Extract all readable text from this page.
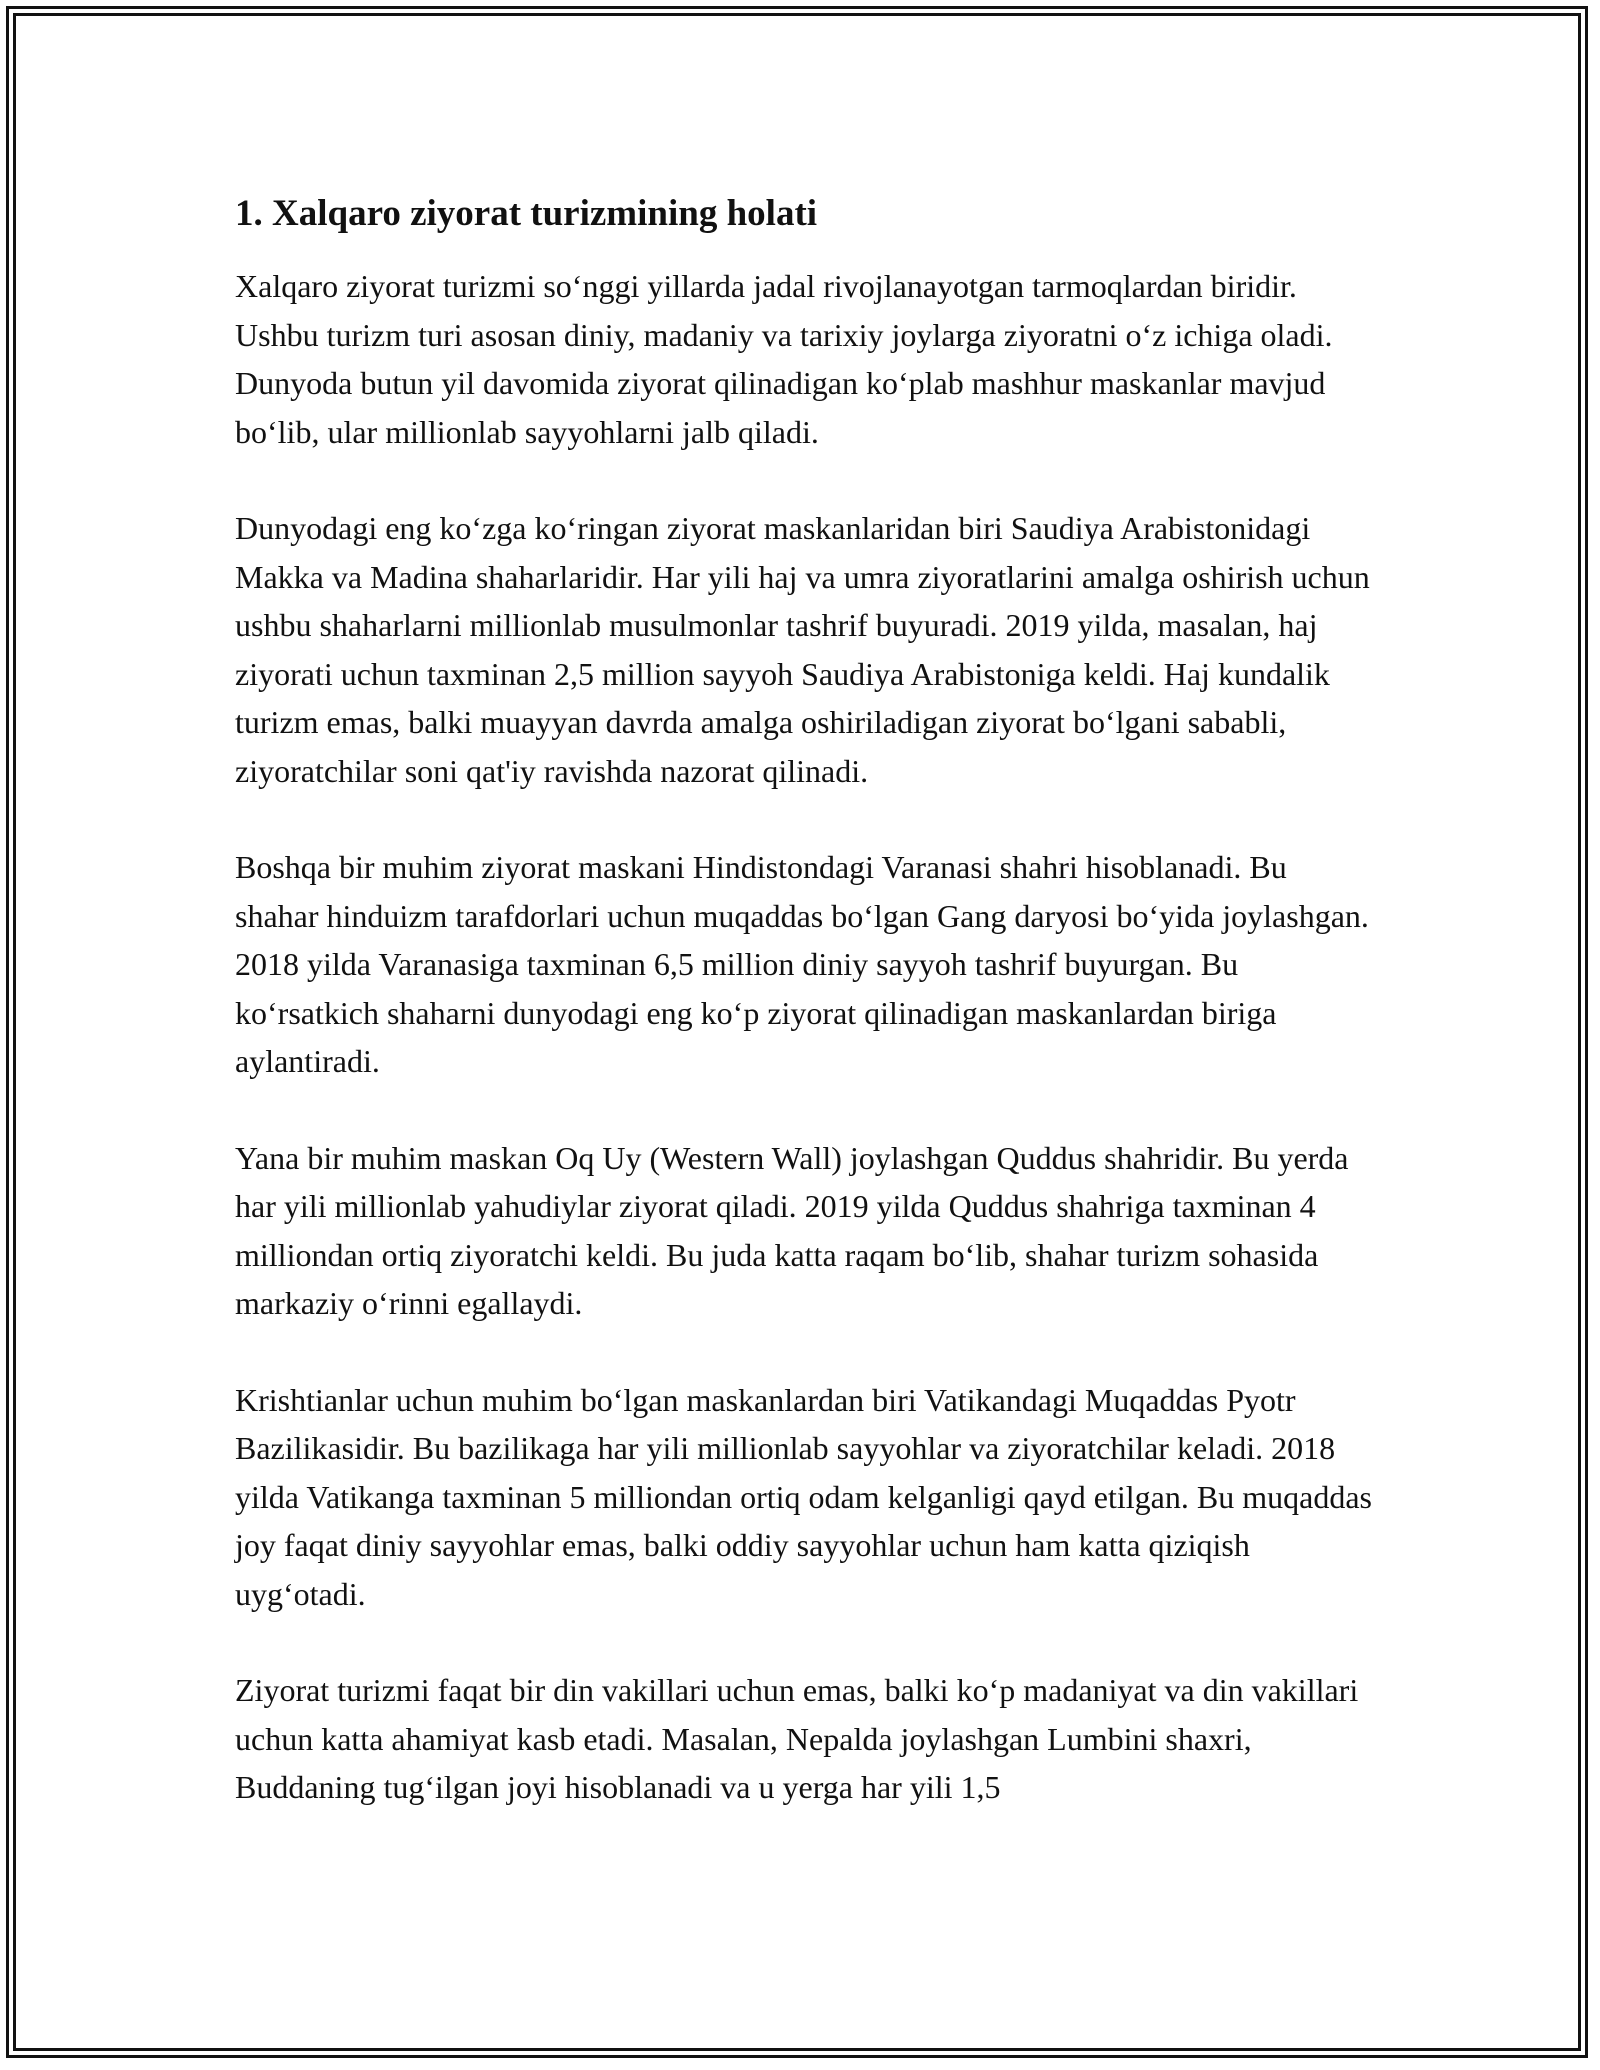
1. Xalqaro ziyorat turizmining holati

Xalqaro ziyorat turizmi so‘nggi yillarda jadal rivojlanayotgan tarmoqlardan biridir. Ushbu turizm turi asosan diniy, madaniy va tarixiy joylarga ziyoratni o‘z ichiga oladi. Dunyoda butun yil davomida ziyorat qilinadigan ko‘plab mashhur maskanlar mavjud bo‘lib, ular millionlab sayyohlarni jalb qiladi.

Dunyodagi eng ko‘zga ko‘ringan ziyorat maskanlaridan biri Saudiya Arabistonidagi Makka va Madina shaharlaridir. Har yili haj va umra ziyoratlarini amalga oshirish uchun ushbu shaharlarni millionlab musulmonlar tashrif buyuradi. 2019 yilda, masalan, haj ziyorati uchun taxminan 2,5 million sayyoh Saudiya Arabistoniga keldi. Haj kundalik turizm emas, balki muayyan davrda amalga oshiriladigan ziyorat bo‘lgani sababli, ziyoratchilar soni qat'iy ravishda nazorat qilinadi.

Boshqa bir muhim ziyorat maskani Hindistondagi Varanasi shahri hisoblanadi. Bu shahar hinduizm tarafdorlari uchun muqaddas bo‘lgan Gang daryosi bo‘yida joylashgan. 2018 yilda Varanasiga taxminan 6,5 million diniy sayyoh tashrif buyurgan. Bu ko‘rsatkich shaharni dunyodagi eng ko‘p ziyorat qilinadigan maskanlardan biriga aylantiradi.

Yana bir muhim maskan Oq Uy (Western Wall) joylashgan Quddus shahridir. Bu yerda har yili millionlab yahudiylar ziyorat qiladi. 2019 yilda Quddus shahriga taxminan 4 milliondan ortiq ziyoratchi keldi. Bu juda katta raqam bo‘lib, shahar turizm sohasida markaziy o‘rinni egallaydi.

Krishtianlar uchun muhim bo‘lgan maskanlardan biri Vatikandagi Muqaddas Pyotr Bazilikasidir. Bu bazilikaga har yili millionlab sayyohlar va ziyoratchilar keladi. 2018 yilda Vatikanga taxminan 5 milliondan ortiq odam kelganligi qayd etilgan. Bu muqaddas joy faqat diniy sayyohlar emas, balki oddiy sayyohlar uchun ham katta qiziqish uyg‘otadi.

Ziyorat turizmi faqat bir din vakillari uchun emas, balki ko‘p madaniyat va din vakillari uchun katta ahamiyat kasb etadi. Masalan, Nepalda joylashgan Lumbini shaxri, Buddaning tug‘ilgan joyi hisoblanadi va u yerga har yili 1,5
